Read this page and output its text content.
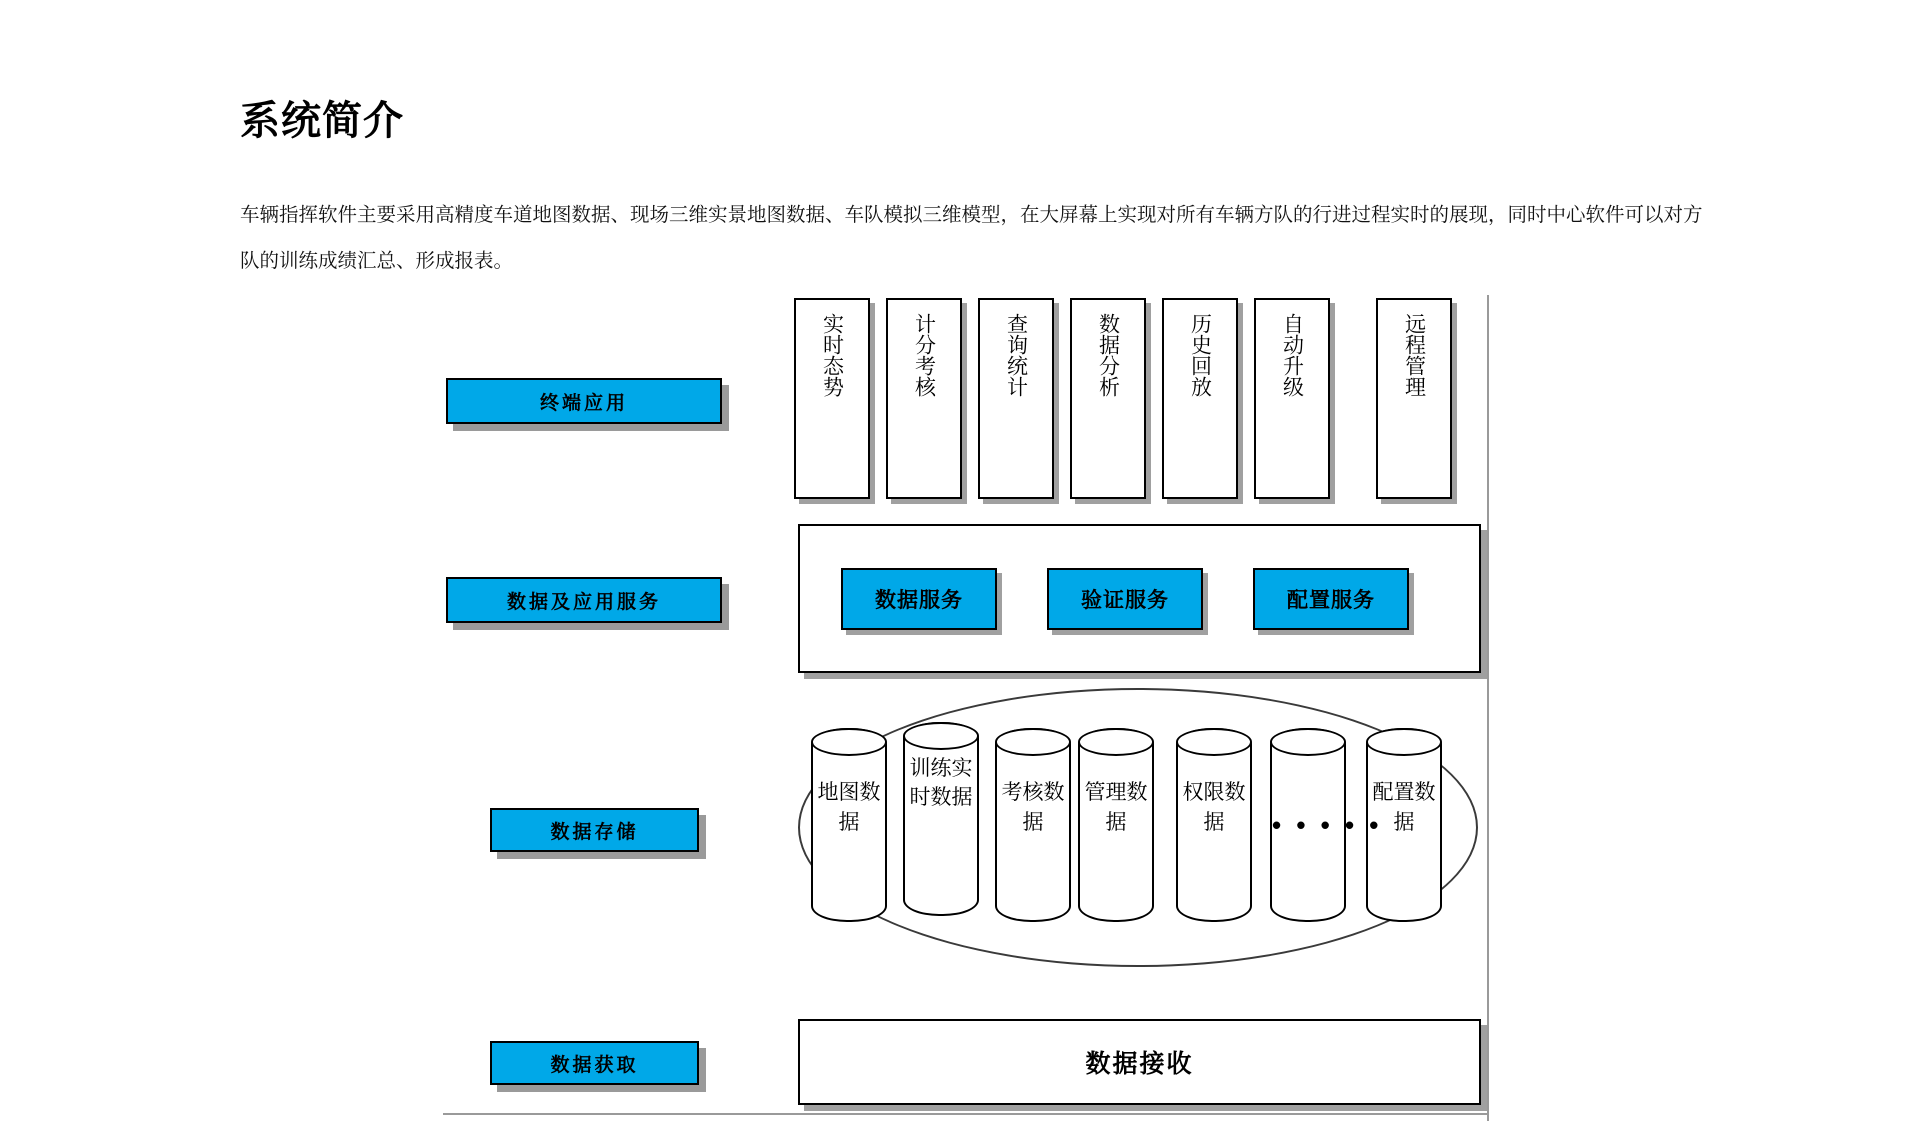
系统简介

车辆指挥软件主要采用高精度车道地图数据、现场三维实景地图数据、车队模拟三维模型，在大屏幕上实现对所有车辆方队的行进过程实时的展现，同时中心软件可以对方队的训练成绩汇总、形成报表。

终端应用
数据及应用服务
数据存储
数据获取
实时态势	计分考核	查询统计	数据分析	历史回放	自动升级	远程管理
数据服务	验证服务	配置服务
地图数据
训练实时数据 考核数据
管理数据
权限数据
配置数据
• • • • •
数据接收
